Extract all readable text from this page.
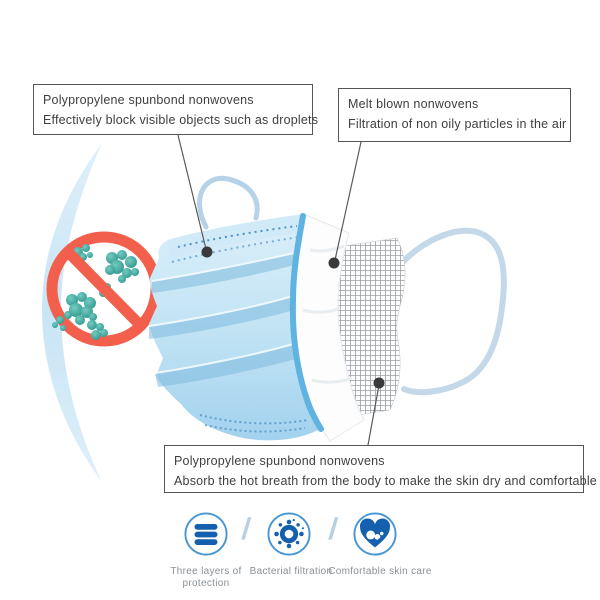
Polypropylene spunbond nonwovens
Effectively block visible objects such as droplets
Melt blown nonwovens
Filtration of non oily particles in the air
Polypropylene spunbond nonwovens
Absorb the hot breath from the body to make the skin dry and comfortable
/	/
Three layers of
protection
Bacterial filtration
Comfortable skin care
